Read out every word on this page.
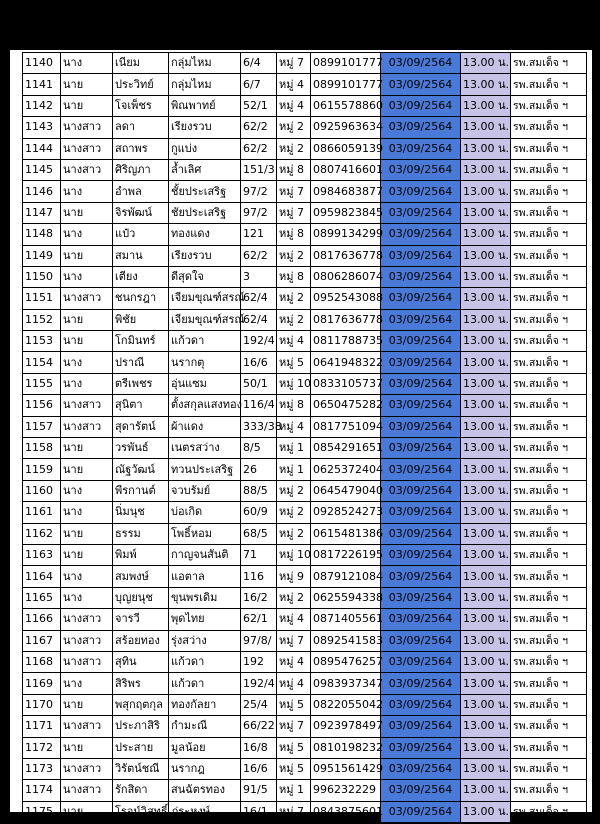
1140	นาง	เนียม	กลุ่มไหม	6/4	หมู่ 7	0899101777	03/09/2564	13.00 น.	รพ.สมเด็จ ฯ
1141	นาย	ประวิทย์	กลุ่มไหม	6/7	หมู่ 4	0899101777	03/09/2564	13.00 น.	รพ.สมเด็จ ฯ
1142	นาย	โจเพ็ชร	พิณพาทย์	52/1	หมู่ 4	0615578860	03/09/2564	13.00 น.	รพ.สมเด็จ ฯ
1143	นางสาว	ลดา	เรียงรวบ	62/2	หมู่ 2	0925963634	03/09/2564	13.00 น.	รพ.สมเด็จ ฯ
1144	นางสาว	สถาพร	กูแบ่ง	62/2	หมู่ 2	0866059139	03/09/2564	13.00 น.	รพ.สมเด็จ ฯ
1145	นางสาว	ศิริญภา	ล้ำเลิศ	151/3	หมู่ 8	0807416601	03/09/2564	13.00 น.	รพ.สมเด็จ ฯ
1146	นาง	อำพล	ชั้ยประเสริฐ	97/2	หมู่ 7	0984683877	03/09/2564	13.00 น.	รพ.สมเด็จ ฯ
1147	นาย	จิรพัฒน์	ชัยประเสริฐ	97/2	หมู่ 7	0959823845	03/09/2564	13.00 น.	รพ.สมเด็จ ฯ
1148	นาง	แป๋ว	ทองแดง	121	หมู่ 8	0899134299	03/09/2564	13.00 น.	รพ.สมเด็จ ฯ
1149	นาย	สมาน	เรียงรวบ	62/2	หมู่ 2	0817636778	03/09/2564	13.00 น.	รพ.สมเด็จ ฯ
1150	นาง	เตียง	ดีสุดใจ	3	หมู่ 8	0806286074	03/09/2564	13.00 น.	รพ.สมเด็จ ฯ
1151	นางสาว	ชนกรฎา	เจียมขุณฑ์สรณ์	62/4	หมู่ 2	0952543088	03/09/2564	13.00 น.	รพ.สมเด็จ ฯ
1152	นาย	พิชัย	เจียมขุณฑ์สรณ์	62/4	หมู่ 2	0817636778	03/09/2564	13.00 น.	รพ.สมเด็จ ฯ
1153	นาย	โกมินทร์	แก้วดา	192/4	หมู่ 4	0811788735	03/09/2564	13.00 น.	รพ.สมเด็จ ฯ
1154	นาง	ปราณี	นรากตุ	16/6	หมู่ 5	0641948322	03/09/2564	13.00 น.	รพ.สมเด็จ ฯ
1155	นาง	ตรีเพชร	อุ่นแซม	50/1	หมู่ 10	0833105737	03/09/2564	13.00 น.	รพ.สมเด็จ ฯ
1156	นางสาว	สุนิตา	ตั้งสกุลแสงทอง	116/4	หมู่ 8	0650475282	03/09/2564	13.00 น.	รพ.สมเด็จ ฯ
1157	นางสาว	สุดารัตน์	ผ้าแดง	333/38	หมู่ 4	0817751094	03/09/2564	13.00 น.	รพ.สมเด็จ ฯ
1158	นาย	วรพันธ์	เนตรสว่าง	8/5	หมู่ 1	0854291651	03/09/2564	13.00 น.	รพ.สมเด็จ ฯ
1159	นาย	ณัฐวัฒน์	ทวนประเสริฐ	26	หมู่ 1	0625372404	03/09/2564	13.00 น.	รพ.สมเด็จ ฯ
1160	นาง	พีรกานต์	จวบรัมย์	88/5	หมู่ 2	0645479040	03/09/2564	13.00 น.	รพ.สมเด็จ ฯ
1161	นาง	นิ่มนุช	บ่อเกิด	60/9	หมู่ 2	0928524273	03/09/2564	13.00 น.	รพ.สมเด็จ ฯ
1162	นาย	ธรรม	โพธิ์หอม	68/5	หมู่ 2	0615481386	03/09/2564	13.00 น.	รพ.สมเด็จ ฯ
1163	นาย	พิมพ์	กาญจนสันติ	71	หมู่ 10	0817226195	03/09/2564	13.00 น.	รพ.สมเด็จ ฯ
1164	นาง	สมพงษ์	แอตาล	116	หมู่ 9	0879121084	03/09/2564	13.00 น.	รพ.สมเด็จ ฯ
1165	นาง	บุญยนุช	ขุนพรเดิม	16/2	หมู่ 2	0625594338	03/09/2564	13.00 น.	รพ.สมเด็จ ฯ
1166	นางสาว	จารวี	พุดไทย	62/1	หมู่ 4	0871405561	03/09/2564	13.00 น.	รพ.สมเด็จ ฯ
1167	นางสาว	สร้อยทอง	รุ่งสว่าง	97/8/	หมู่ 7	0892541583	03/09/2564	13.00 น.	รพ.สมเด็จ ฯ
1168	นางสาว	สุทิน	แก้วดา	192	หมู่ 4	0895476257	03/09/2564	13.00 น.	รพ.สมเด็จ ฯ
1169	นาง	สิริพร	แก้วดา	192/4	หมู่ 4	0983937347	03/09/2564	13.00 น.	รพ.สมเด็จ ฯ
1170	นาย	พสุกฤตกุล	ทองกัลยา	25/4	หมู่ 5	0822055042	03/09/2564	13.00 น.	รพ.สมเด็จ ฯ
1171	นางสาว	ประภาสิริ	กำมะณี	66/22	หมู่ 7	0923978497	03/09/2564	13.00 น.	รพ.สมเด็จ ฯ
1172	นาย	ประสาย	มูลน้อย	16/8	หมู่ 5	0810198232	03/09/2564	13.00 น.	รพ.สมเด็จ ฯ
1173	นางสาว	วิรัตน์ชณี	นรากฎ	16/6	หมู่ 5	0951561429	03/09/2564	13.00 น.	รพ.สมเด็จ ฯ
1174	นางสาว	รักสิดา	สนฉัตรทอง	91/5	หมู่ 1	996232229	03/09/2564	13.00 น.	รพ.สมเด็จ ฯ
1175	นาย	โรจน์วิสุทธิ์	ภู่ระหงษ์	16/1	หมู่ 7	0843875601	03/09/2564	13.00 น.	รพ.สมเด็จ ฯ
